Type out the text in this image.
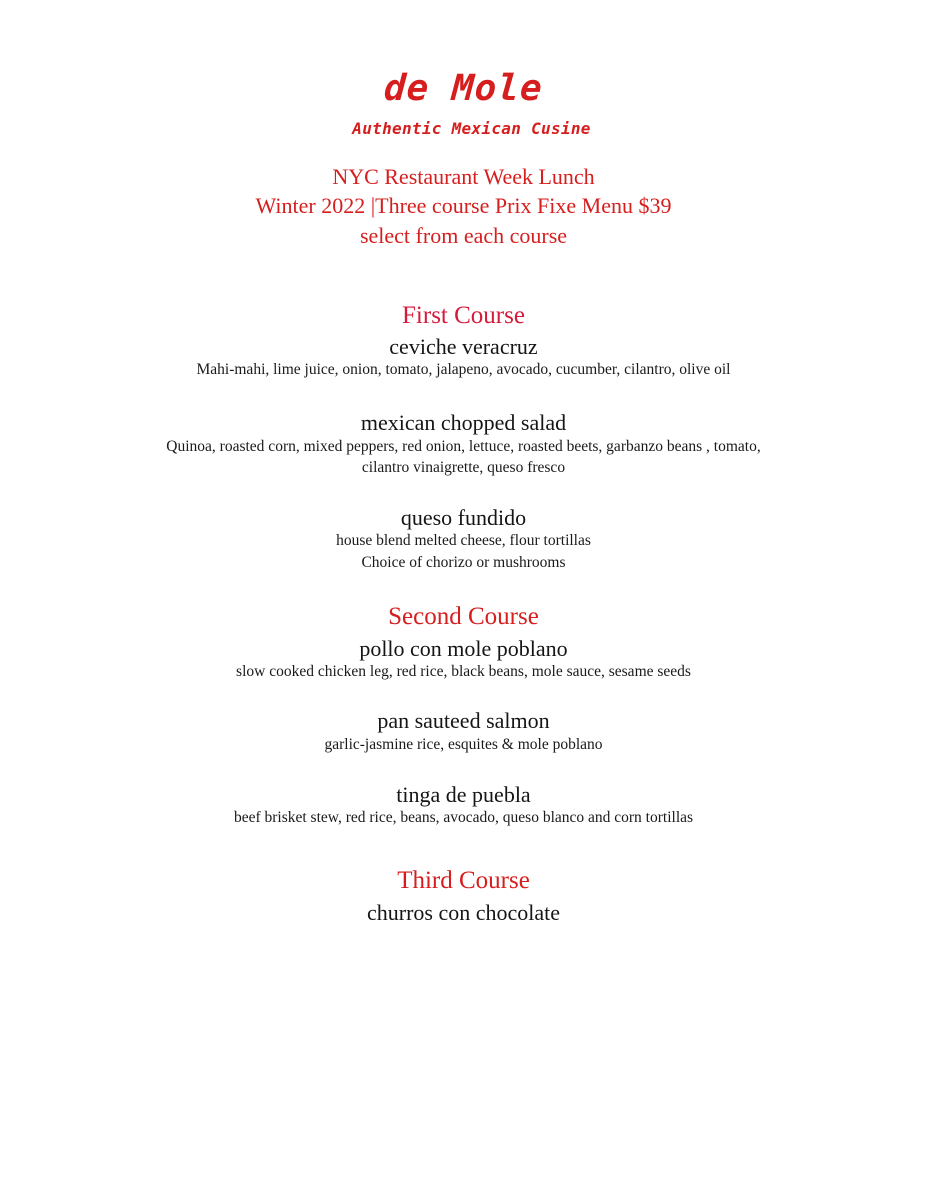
de Mole
Authentic Mexican Cusine
NYC Restaurant Week Lunch
Winter 2022 |Three course Prix Fixe Menu $39
select from each course
First Course
ceviche veracruz
Mahi-mahi, lime juice, onion, tomato, jalapeno, avocado, cucumber, cilantro, olive oil
mexican chopped salad
Quinoa, roasted corn, mixed peppers, red onion, lettuce, roasted beets, garbanzo beans , tomato,
cilantro vinaigrette, queso fresco
queso fundido
house blend melted cheese, flour tortillas
Choice of chorizo or mushrooms
Second Course
pollo con mole poblano
slow cooked chicken leg, red rice, black beans, mole sauce, sesame seeds
pan sauteed salmon
garlic-jasmine rice, esquites & mole poblano
tinga de puebla
beef brisket stew, red rice, beans, avocado, queso blanco and corn tortillas
Third Course
churros con chocolate
